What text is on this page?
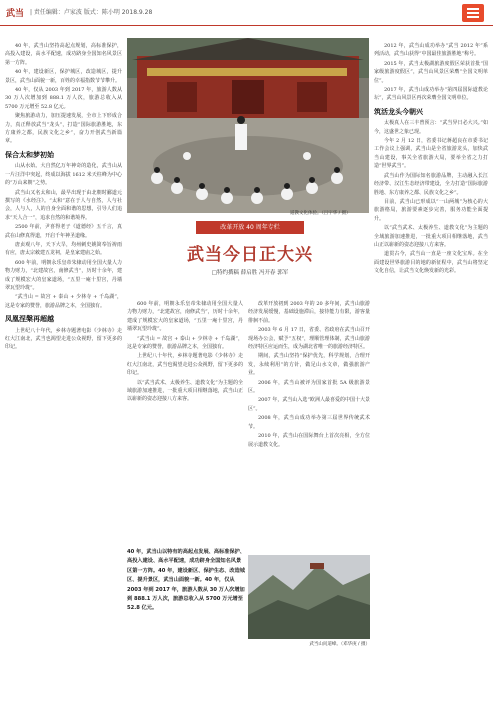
武当 | 责任编辑：卢家波 版式：陈小明 2018.9.28

40 年，武当山坚持高起点规划，高标准保护，高投入建设，高水平配速，成功跻身全国知名风景区第一方阵。

40 年，建设新区，保护城区，改造城区，提升景区，武当山面貌一新，百姓的幸福指数节节攀升。

40 年，仅从 2003 年到 2017 年，旅游人数从 30 万人次增加到 888.1 万人次，旅游总收入从 5700 万元增至 52.8 亿元。

聚焦旅游动力，加压提速发展，全市上下形成合力，真正释放武当“龙头”，打造“国际旅游胜地，东方康养之都，民族文化之乡”，奋力开创武当新篇章。

保合太和梦初始

山从水始。大自然亿万年神奇的造化，武当山从一片汪洋中突起，终成以海拔 1612 米天柱峰为中心的“万山来朝”之势。

武当山又名太和山，最早出现于由北朝时郦道元撰写的《水经注》。“太和”意在于人与自然，人与社会，人与人，人的自身全面和谐的思想，引导人们追求“天人合一”，追求自然的和谐境界。

2500 年前，尹喜得老子《道德经》五千言，真武在山修真得道，开启千年神圣道缘。

唐贞观八年，天下大旱，均州刺史姚简奉旨祷雨有应，唐太宗敕建五龙祠，是皇家建庙之始。

600 年前，明朝永乐皇帝朱棣动用全国大量人力物力财力，“北建故宫，南修武当”，历时十余年，建成了规模宏大的皇家道场，“五里一庵十里宫，丹墙翠瓦望玲珑”。

“武当山 = 故宫 + 泰山 + 少林寺 + 千岛湖”，这是专家的赞誉，旅游品牌之本，全国独有。

凤凰涅槃再超越

上世纪八十年代，乡林寺题著电影《少林寺》走红大江南北，武当也渴望走进公众视野，留下更多的印记。

道教文化体验。（吕宇华 / 摄）
改革开放 40 周年专栏
武当今日正大兴
□特约撰稿 薛启胜 冯开春 郭军

改革开放初到 2003 年的 20 多年间，武当山旅游经济发展缓慢，基础设施滞后，接待能力有限，游客量徘徊不前。

2003 年 6 月 17 日，省委、省政府在武当山召开现场办公会，赋予“五权”，理顺管理体制，武当山旅游经济特区应运而生，成为湖北省唯一的旅游经济特区。

期间，武当山坚持“保护优先，科学规划，合理开发，永续利用”的方针，做足山水文章，做强旅游产业。

2006 年，武当山被评为国家首批 5A 级旅游景区。

2007 年，武当山入选“欧洲人最喜爱的中国十大景区”。

2008 年，武当山成功举办第三届世界传统武术节。

2010 年，武当山在国际舞台上首次亮相，全方位展示道教文化。

600 年前，明朝永乐皇帝朱棣动用全国大量人力物力财力，“北建故宫，南修武当”，历时十余年，建成了规模宏大的皇家道场，“五里一庵十里宫，丹墙翠瓦望玲珑”。

“武当山 = 故宫 + 泰山 + 少林寺 + 千岛湖”，这是专家的赞誉，旅游品牌之本，全国独有。

上世纪八十年代，乡林寺题著电影《少林寺》走红大江南北，武当也渴望走进公众视野，留下更多的印记。

以“武当武术、太极养生、道教文化”为主题的全域旅游加速推进，一批重大项目相继落地，武当山正以崭新的姿态迎接八方来客。

40 年，武当山以特有的高起点发展、高标准保护、高投入建设、高水平配速，成功跻身全国知名风景区第一方阵。40 年，建设新区、保护生态、改造城区、提升景区，武当山面貌一新。40 年，仅从 2003 年到 2017 年，旅游人数从 30 万人次增加到 888.1 万人次，旅游总收入从 5700 万元增至 52.8 亿元。
武当山问道峰。（邓华庚 / 摄）

2012 年，武当山成功举办“武当 2012 年”系列活动，武当山获得“中国最佳旅游胜地”称号。

2015 年，武当太极湖旅游度假区荣获首批“国家级旅游度假区”，武当山风景区荣膺“全国文明单位”。

2017 年，武当山成功举办“第四届国际道教论坛”，武当山风景区再次荣膺全国文明单位。

筑活龙头今朝兴

太极真人在三丰曾预言：“武当异日必大兴。”如今，这盛世之象已现。

今年 2 月 12 日，省委书记蒋超良在市委书记工作会议上强调，武当山是全省旅游龙头，加快武当山建设，事关全省旅游大局，要举全省之力打造“世界武当”。

武当山作为国际知名旅游品牌，主动融入长江经济带、汉江生态经济带建设，全力打造“国际旅游胜地、东方康养之都、民族文化之乡”。

目前，武当山已形成以“一山两城”为核心的大旅游格局，旅游要素逐步完善，服务功能全面提升。

以“武当武术、太极养生、道教文化”为主题的全域旅游加速推进，一批重大项目相继落地，武当山正以崭新的姿态迎接八方来客。

道贯古今，武当山一直是一座文化宝库。在全面建设世界旅游目的地的新征程中，武当山将坚定文化自信，让武当文化焕发新的光彩。
